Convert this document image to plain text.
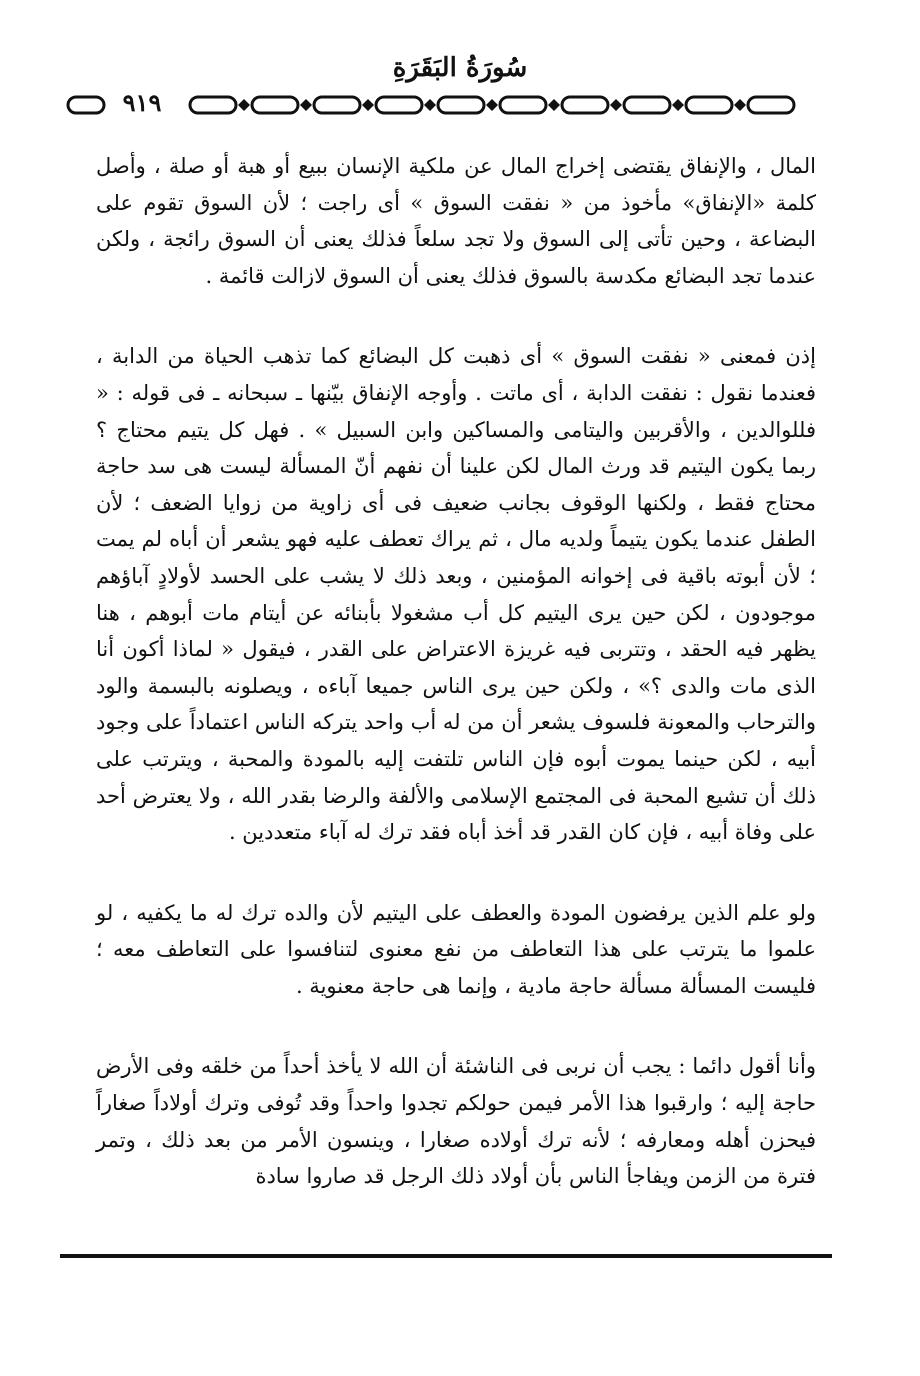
سُورَةُ البَقَرَةِ
٩١٩

المال ، والإنفاق يقتضى إخراج المال عن ملكية الإنسان ببيع أو هبة أو صلة ، وأصل كلمة «الإنفاق» مأخوذ من « نفقت السوق » أى راجت ؛ لأن السوق تقوم على البضاعة ، وحين تأتى إلى السوق ولا تجد سلعاً فذلك يعنى أن السوق رائجة ، ولكن عندما تجد البضائع مكدسة بالسوق فذلك يعنى أن السوق لازالت قائمة .

إذن فمعنى « نفقت السوق » أى ذهبت كل البضائع كما تذهب الحياة من الدابة ، فعندما نقول : نفقت الدابة ، أى ماتت . وأوجه الإنفاق بيّنها ـ سبحانه ـ فى قوله : « فللوالدين ، والأقربين واليتامى والمساكين وابن السبيل » . فهل كل يتيم محتاج ؟ ربما يكون اليتيم قد ورث المال لكن علينا أن نفهم أنّ المسألة ليست هى سد حاجة محتاج فقط ، ولكنها الوقوف بجانب ضعيف فى أى زاوية من زوايا الضعف ؛ لأن الطفل عندما يكون يتيماً ولديه مال ، ثم يراك تعطف عليه فهو يشعر أن أباه لم يمت ؛ لأن أبوته باقية فى إخوانه المؤمنين ، وبعد ذلك لا يشب على الحسد لأولادٍ آباؤهم موجودون ، لكن حين يرى اليتيم كل أب مشغولا بأبنائه عن أيتام مات أبوهم ، هنا يظهر فيه الحقد ، وتتربى فيه غريزة الاعتراض على القدر ، فيقول « لماذا أكون أنا الذى مات والدى ؟» ، ولكن حين يرى الناس جميعا آباءه ، ويصلونه بالبسمة والود والترحاب والمعونة فلسوف يشعر أن من له أب واحد يتركه الناس اعتماداً على وجود أبيه ، لكن حينما يموت أبوه فإن الناس تلتفت إليه بالمودة والمحبة ، ويترتب على ذلك أن تشيع المحبة فى المجتمع الإسلامى والألفة والرضا بقدر الله ، ولا يعترض أحد على وفاة أبيه ، فإن كان القدر قد أخذ أباه فقد ترك له آباء متعددين .

ولو علم الذين يرفضون المودة والعطف على اليتيم لأن والده ترك له ما يكفيه ، لو علموا ما يترتب على هذا التعاطف من نفع معنوى لتنافسوا على التعاطف معه ؛ فليست المسألة مسألة حاجة مادية ، وإنما هى حاجة معنوية .

وأنا أقول دائما : يجب أن نربى فى الناشئة أن الله لا يأخذ أحداً من خلقه وفى الأرض حاجة إليه ؛ وارقبوا هذا الأمر فيمن حولكم تجدوا واحداً وقد تُوفى وترك أولاداً صغاراً فيحزن أهله ومعارفه ؛ لأنه ترك أولاده صغارا ، وينسون الأمر من بعد ذلك ، وتمر فترة من الزمن ويفاجأ الناس بأن أولاد ذلك الرجل قد صاروا سادة
